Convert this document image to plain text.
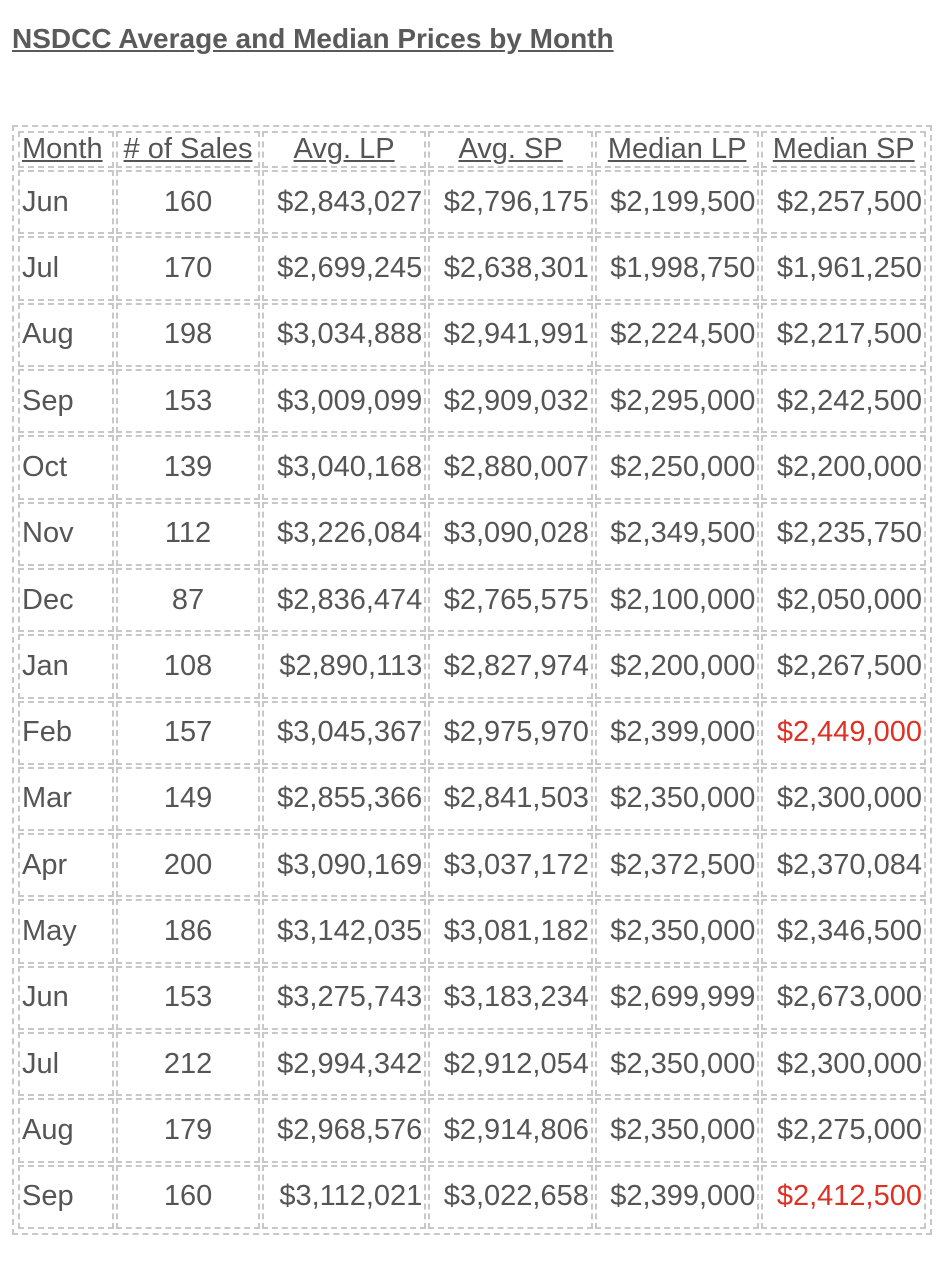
NSDCC Average and Median Prices by Month
Month	# of Sales	Avg. LP	Avg. SP	Median LP	Median SP
Jun	160	$2,843,027	$2,796,175	$2,199,500	$2,257,500
Jul	170	$2,699,245	$2,638,301	$1,998,750	$1,961,250
Aug	198	$3,034,888	$2,941,991	$2,224,500	$2,217,500
Sep	153	$3,009,099	$2,909,032	$2,295,000	$2,242,500
Oct	139	$3,040,168	$2,880,007	$2,250,000	$2,200,000
Nov	112	$3,226,084	$3,090,028	$2,349,500	$2,235,750
Dec	87	$2,836,474	$2,765,575	$2,100,000	$2,050,000
Jan	108	$2,890,113	$2,827,974	$2,200,000	$2,267,500
Feb	157	$3,045,367	$2,975,970	$2,399,000	$2,449,000
Mar	149	$2,855,366	$2,841,503	$2,350,000	$2,300,000
Apr	200	$3,090,169	$3,037,172	$2,372,500	$2,370,084
May	186	$3,142,035	$3,081,182	$2,350,000	$2,346,500
Jun	153	$3,275,743	$3,183,234	$2,699,999	$2,673,000
Jul	212	$2,994,342	$2,912,054	$2,350,000	$2,300,000
Aug	179	$2,968,576	$2,914,806	$2,350,000	$2,275,000
Sep	160	$3,112,021	$3,022,658	$2,399,000	$2,412,500
